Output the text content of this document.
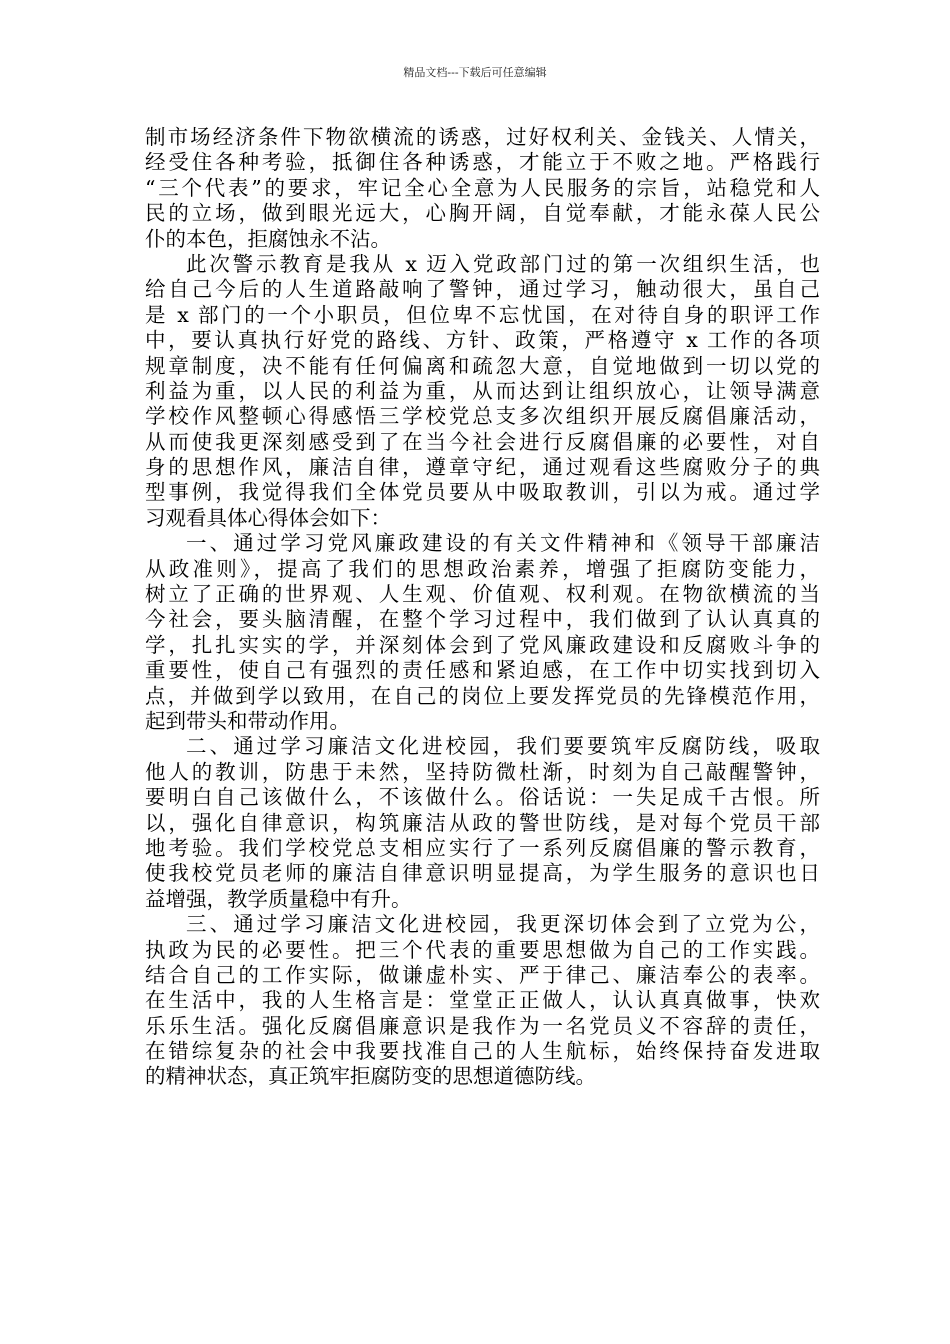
精品文档---下载后可任意编辑
制市场经济条件下物欲横流的诱惑，过好权利关、金钱关、人情关，
经受住各种考验，抵御住各种诱惑，才能立于不败之地。严格践行
“三个代表”的要求，牢记全心全意为人民服务的宗旨，站稳党和人
民的立场，做到眼光远大，心胸开阔，自觉奉献，才能永葆人民公
仆的本色，拒腐蚀永不沾。
此次警示教育是我从 x 迈入党政部门过的第一次组织生活，也
给自己今后的人生道路敲响了警钟，通过学习，触动很大，虽自己
是 x 部门的一个小职员，但位卑不忘忧国，在对待自身的职评工作
中，要认真执行好党的路线、方针、政策，严格遵守 x 工作的各项
规章制度，决不能有任何偏离和疏忽大意，自觉地做到一切以党的
利益为重，以人民的利益为重，从而达到让组织放心，让领导满意
学校作风整顿心得感悟三学校党总支多次组织开展反腐倡廉活动，
从而使我更深刻感受到了在当今社会进行反腐倡廉的必要性，对自
身的思想作风，廉洁自律，遵章守纪，通过观看这些腐败分子的典
型事例，我觉得我们全体党员要从中吸取教训，引以为戒。通过学
习观看具体心得体会如下：
一、通过学习党风廉政建设的有关文件精神和《领导干部廉洁
从政准则》，提高了我们的思想政治素养，增强了拒腐防变能力，
树立了正确的世界观、人生观、价值观、权利观。在物欲横流的当
今社会，要头脑清醒，在整个学习过程中，我们做到了认认真真的
学，扎扎实实的学，并深刻体会到了党风廉政建设和反腐败斗争的
重要性，使自己有强烈的责任感和紧迫感，在工作中切实找到切入
点，并做到学以致用，在自己的岗位上要发挥党员的先锋模范作用，
起到带头和带动作用。
二、通过学习廉洁文化进校园，我们要要筑牢反腐防线，吸取
他人的教训，防患于未然，坚持防微杜渐，时刻为自己敲醒警钟，
要明白自己该做什么，不该做什么。俗话说：一失足成千古恨。所
以，强化自律意识，构筑廉洁从政的警世防线，是对每个党员干部
地考验。我们学校党总支相应实行了一系列反腐倡廉的警示教育，
使我校党员老师的廉洁自律意识明显提高，为学生服务的意识也日
益增强，教学质量稳中有升。
三、通过学习廉洁文化进校园，我更深切体会到了立党为公，
执政为民的必要性。把三个代表的重要思想做为自己的工作实践。
结合自己的工作实际，做谦虚朴实、严于律己、廉洁奉公的表率。
在生活中，我的人生格言是：堂堂正正做人，认认真真做事，快欢
乐乐生活。强化反腐倡廉意识是我作为一名党员义不容辞的责任，
在错综复杂的社会中我要找准自己的人生航标，始终保持奋发进取
的精神状态，真正筑牢拒腐防变的思想道德防线。
